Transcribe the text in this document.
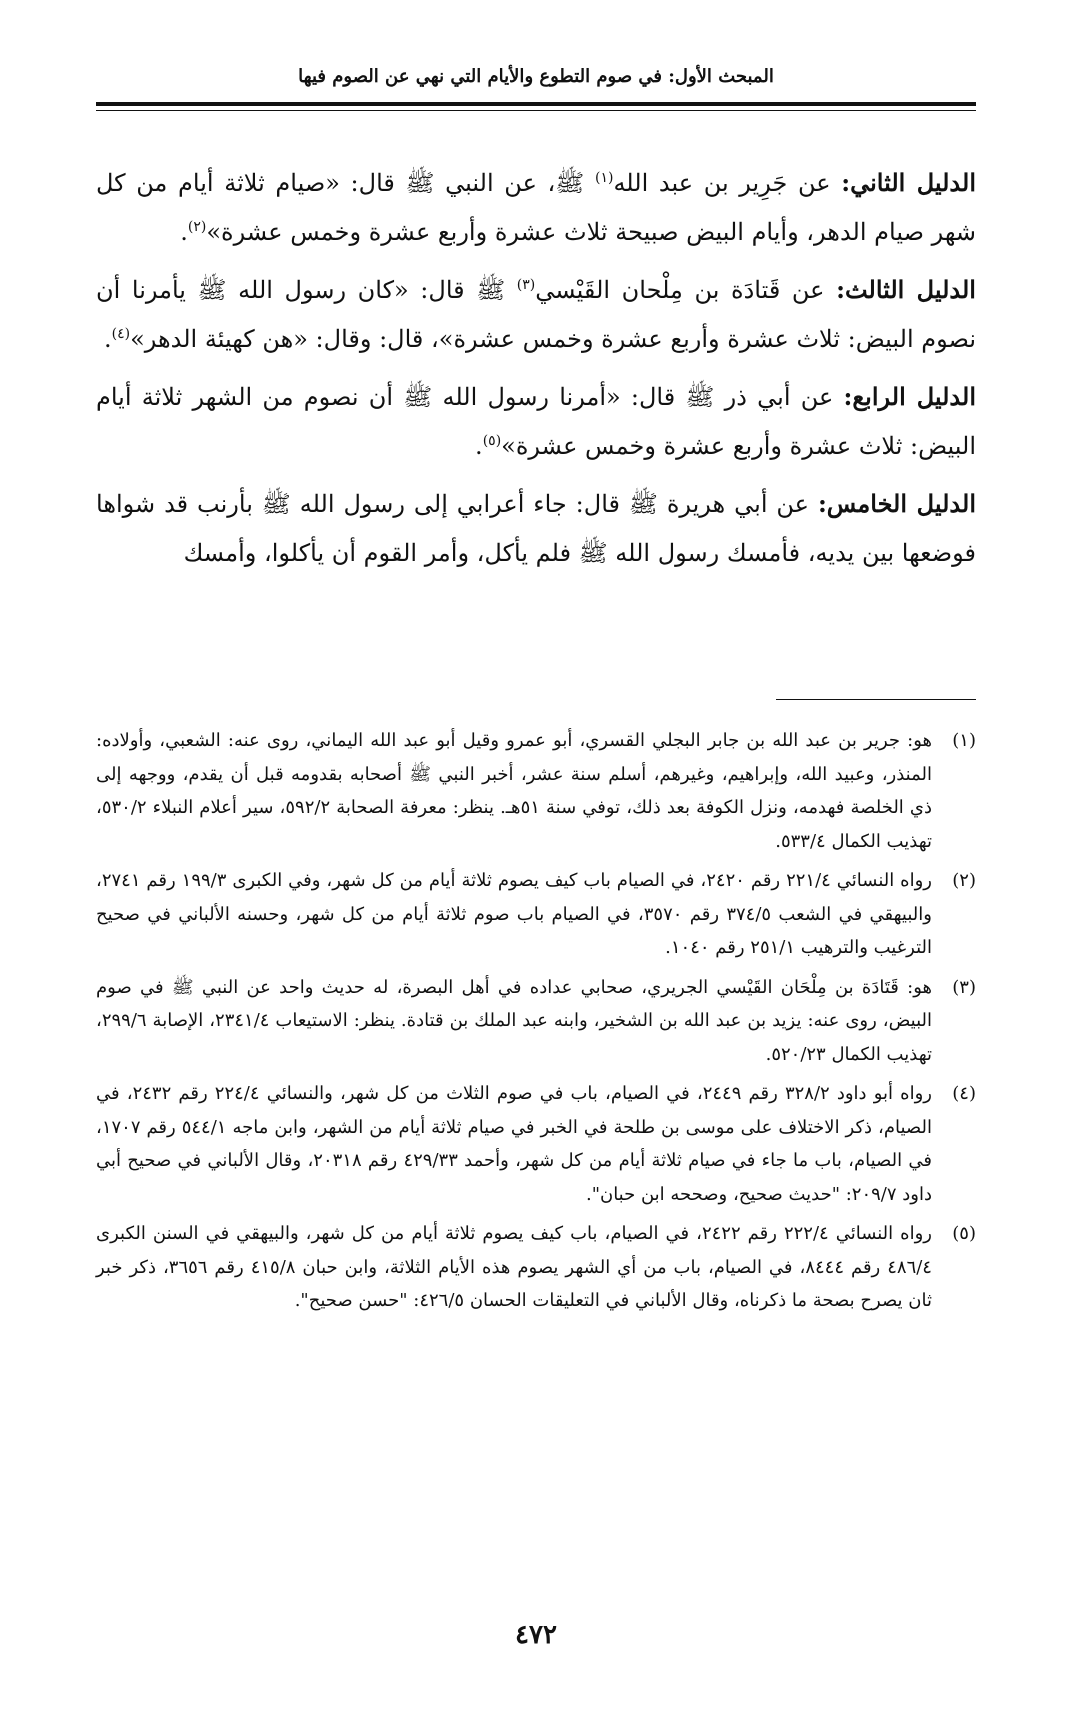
المبحث الأول: في صوم التطوع والأيام التي نهي عن الصوم فيها

الدليل الثاني: عن جَرِير بن عبد الله$^{(١)}$ ﷺ، عن النبي ﷺ قال: «صيام ثلاثة أيام من كل شهر صيام الدهر، وأيام البيض صبيحة ثلاث عشرة وأربع عشرة وخمس عشرة»$^{(٢)}$.

الدليل الثالث: عن قَتادَة بن مِلْحان القَيْسي$^{(٣)}$ ﷺ قال: «كان رسول الله ﷺ يأمرنا أن نصوم البيض: ثلاث عشرة وأربع عشرة وخمس عشرة»، قال: وقال: «هن كهيئة الدهر»$^{(٤)}$.

الدليل الرابع: عن أبي ذر ﷺ قال: «أمرنا رسول الله ﷺ أن نصوم من الشهر ثلاثة أيام البيض: ثلاث عشرة وأربع عشرة وخمس عشرة»$^{(٥)}$.

الدليل الخامس: عن أبي هريرة ﷺ قال: جاء أعرابي إلى رسول الله ﷺ بأرنب قد شواها فوضعها بين يديه، فأمسك رسول الله ﷺ فلم يأكل، وأمر القوم أن يأكلوا، وأمسك

(١)
هو: جرير بن عبد الله بن جابر البجلي القسري، أبو عمرو وقيل أبو عبد الله اليماني، روى عنه: الشعبي، وأولاده: المنذر، وعبيد الله، وإبراهيم، وغيرهم، أسلم سنة عشر، أخبر النبي ﷺ أصحابه بقدومه قبل أن يقدم، ووجهه إلى ذي الخلصة فهدمه، ونزل الكوفة بعد ذلك، توفي سنة ٥١هـ. ينظر: معرفة الصحابة ٥٩٢/٢، سير أعلام النبلاء ٥٣٠/٢، تهذيب الكمال ٥٣٣/٤.
(٢)
رواه النسائي ٢٢١/٤ رقم ٢٤٢٠، في الصيام باب كيف يصوم ثلاثة أيام من كل شهر، وفي الكبرى ١٩٩/٣ رقم ٢٧٤١، والبيهقي في الشعب ٣٧٤/٥ رقم ٣٥٧٠، في الصيام باب صوم ثلاثة أيام من كل شهر، وحسنه الألباني في صحيح الترغيب والترهيب ٢٥١/١ رقم ١٠٤٠.
(٣)
هو: قَتَادَة بن مِلْحَان القَيْسي الجريري، صحابي عداده في أهل البصرة، له حديث واحد عن النبي ﷺ في صوم البيض، روى عنه: يزيد بن عبد الله بن الشخير، وابنه عبد الملك بن قتادة. ينظر: الاستيعاب ٢٣٤١/٤، الإصابة ٢٩٩/٦، تهذيب الكمال ٥٢٠/٢٣.
(٤)
رواه أبو داود ٣٢٨/٢ رقم ٢٤٤٩، في الصيام، باب في صوم الثلاث من كل شهر، والنسائي ٢٢٤/٤ رقم ٢٤٣٢، في الصيام، ذكر الاختلاف على موسى بن طلحة في الخبر في صيام ثلاثة أيام من الشهر، وابن ماجه ٥٤٤/١ رقم ١٧٠٧، في الصيام، باب ما جاء في صيام ثلاثة أيام من كل شهر، وأحمد ٤٢٩/٣٣ رقم ٢٠٣١٨، وقال الألباني في صحيح أبي داود ٢٠٩/٧: "حديث صحيح، وصححه ابن حبان".
(٥)
رواه النسائي ٢٢٢/٤ رقم ٢٤٢٢، في الصيام، باب كيف يصوم ثلاثة أيام من كل شهر، والبيهقي في السنن الكبرى ٤٨٦/٤ رقم ٨٤٤٤، في الصيام، باب من أي الشهر يصوم هذه الأيام الثلاثة، وابن حبان ٤١٥/٨ رقم ٣٦٥٦، ذكر خبر ثان يصرح بصحة ما ذكرناه، وقال الألباني في التعليقات الحسان ٤٢٦/٥: "حسن صحيح".
٤٧٢
